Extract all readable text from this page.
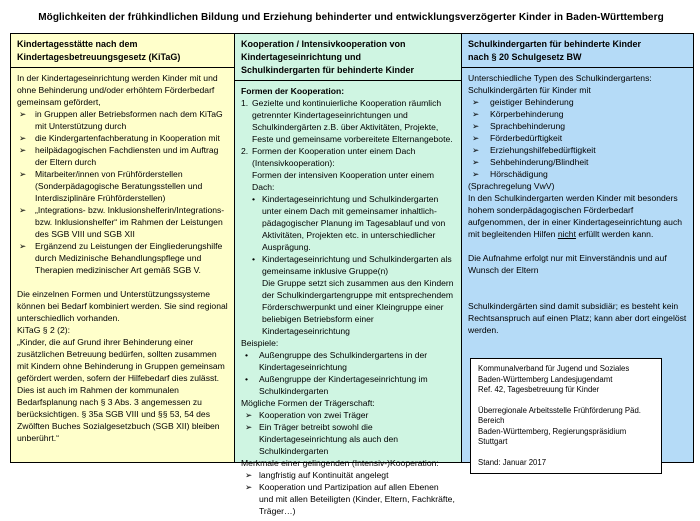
Möglichkeiten der frühkindlichen Bildung und Erziehung behinderter und entwicklungsverzögerter Kinder in Baden-Württemberg
Kindertagesstätte nach dem
Kindertagesbetreuungsgesetz (KiTaG)

In der Kindertageseinrichtung werden Kinder mit und ohne Behinderung und/oder erhöhtem Förderbedarf gemeinsam gefördert,

➢	in Gruppen aller Betriebsformen nach dem KiTaG mit Unterstützung durch
➢	die Kindergartenfachberatung in Kooperation mit
➢	heilpädagogischen Fachdiensten und im Auftrag der Eltern durch
➢	Mitarbeiter/innen von Frühförderstellen (Sonderpädagogische Beratungsstellen und Interdisziplinäre Frühförderstellen)
➢	„Integrations- bzw. Inklusionshelferin/Integrations- bzw. Inklusionshelfer“ im Rahmen der Leistungen des SGB VIII und SGB XII
➢	Ergänzend zu Leistungen der Eingliederungshilfe durch Medizinische Behandlungspflege und Therapien medizinischer Art gemäß SGB V.

Die einzelnen Formen und Unterstützungssysteme können bei Bedarf kombiniert werden. Sie sind regional unterschiedlich vorhanden.

KiTaG § 2 (2):

„Kinder, die auf Grund ihrer Behinderung einer zusätzlichen Betreuung bedürfen, sollten zusammen mit Kindern ohne Behinderung in Gruppen gemeinsam gefördert werden, sofern der Hilfebedarf dies zulässt. Dies ist auch im Rahmen der kommunalen Bedarfsplanung nach § 3 Abs. 3 angemessen zu berücksichtigen. § 35a SGB VIII und §§ 53, 54 des Zwölften Buches Sozialgesetzbuch (SGB XII) bleiben unberührt.“

Kooperation / Intensivkooperation von
Kindertageseinrichtung und
Schulkindergarten für behinderte Kinder

Formen der Kooperation:

1. Gezielte und kontinuierliche Kooperation räumlich getrennter Kindertageseinrichtungen und Schulkindergärten z.B. über Aktivitäten, Projekte, Feste und gemeinsame vorbereitete Elternangebote.
2. Formen der Kooperation unter einem Dach (Intensivkooperation):

Formen der intensiven Kooperation unter einem Dach:

• Kindertageseinrichtung und Schulkindergarten unter einem Dach mit gemeinsamer inhaltlich-pädagogischer Planung im Tagesablauf und von Aktivitäten, Projekten etc. in unterschiedlicher Ausprägung.
• Kindertageseinrichtung und Schulkindergarten als gemeinsame inklusive Gruppe(n)

Die Gruppe setzt sich zusammen aus den Kindern der Schulkindergartengruppe mit entsprechendem Förderschwerpunkt und einer Kleingruppe einer beliebigen Betriebsform einer Kindertageseinrichtung

Beispiele:

•	Außengruppe des Schulkindergartens in der Kindertageseinrichtung
•	Außengruppe der Kindertageseinrichtung im Schulkindergarten

Mögliche Formen der Trägerschaft:

➢ Kooperation von zwei Träger
➢ Ein Träger betreibt sowohl die Kindertageseinrichtung als auch den Schulkindergarten

Merkmale einer gelingenden (Intensiv-)Kooperation:

➢ langfristig auf Kontinuität angelegt
➢ Kooperation und Partizipation auf allen Ebenen und mit allen Beteiligten (Kinder, Eltern, Fachkräfte, Träger…)
Schulkindergarten für behinderte Kinder
nach § 20 Schulgesetz BW

Unterschiedliche Typen des Schulkindergartens:

Schulkindergärten für Kinder mit

➢	geistiger Behinderung
➢	Körperbehinderung
➢	Sprachbehinderung
➢	Förderbedürftigkeit
➢	Erziehungshilfebedürftigkeit
➢	Sehbehinderung/Blindheit
➢	Hörschädigung

(Sprachregelung VwV)

In den Schulkindergarten werden Kinder mit besonders hohem sonderpädagogischen Förderbedarf aufgenommen, der in einer Kindertageseinrichtung auch mit begleitenden Hilfen nicht erfüllt werden kann.

Die Aufnahme erfolgt nur mit Einverständnis und auf Wunsch der Eltern

Schulkindergärten sind damit subsidiär; es besteht kein Rechtsanspruch auf einen Platz; kann aber dort eingelöst werden.

Kommunalverband für Jugend und Soziales

Baden-Württemberg Landesjugendamt

Ref. 42, Tagesbetreuung für Kinder

Überregionale Arbeitsstelle Frühförderung Päd. Bereich

Baden-Württemberg, Regierungspräsidium Stuttgart

Stand: Januar 2017
